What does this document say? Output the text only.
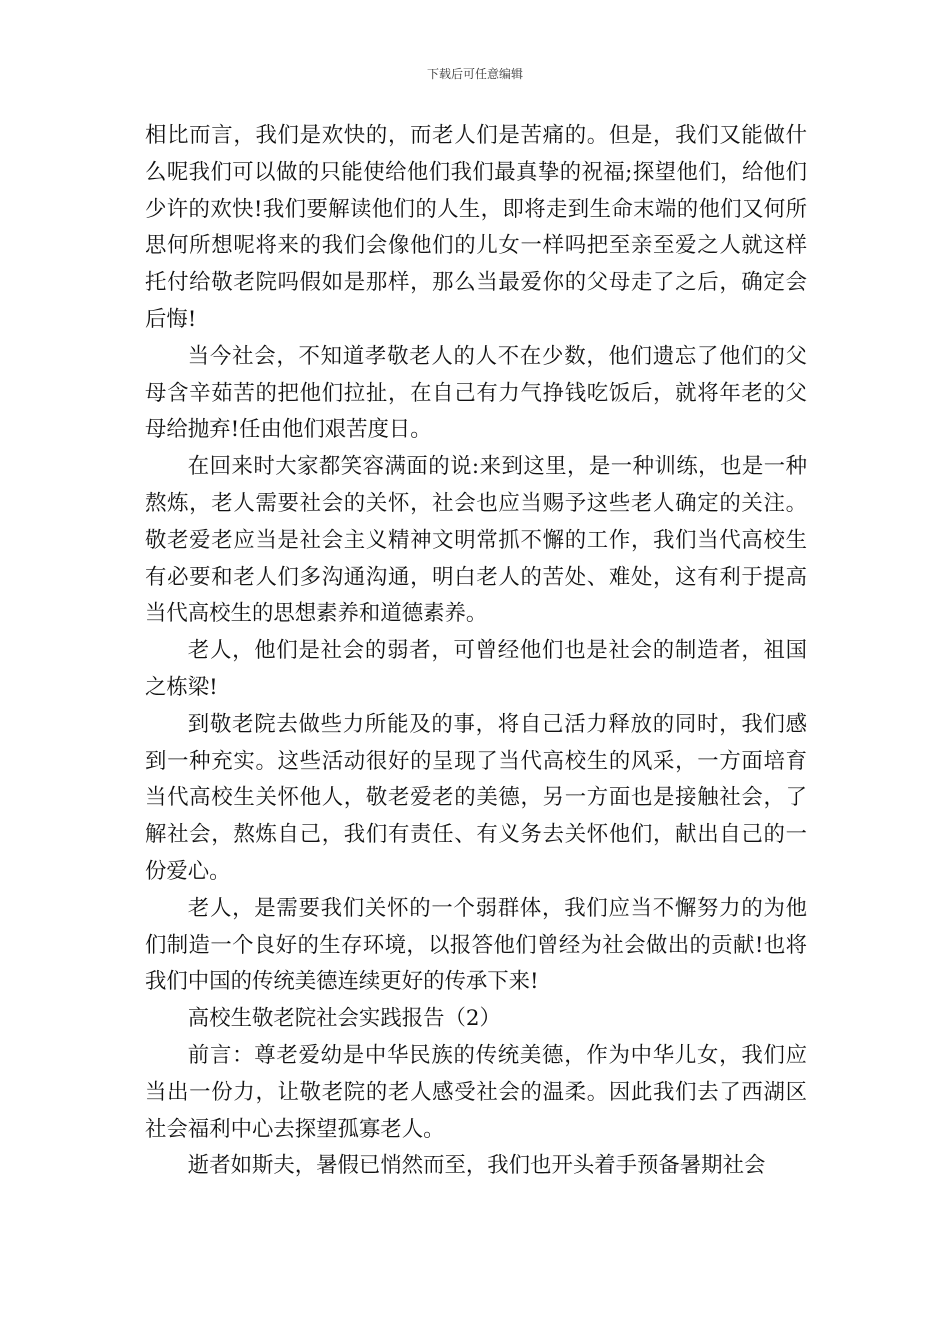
下载后可任意编辑

相比而言，我们是欢快的，而老人们是苦痛的。但是，我们又能做什么呢我们可以做的只能使给他们我们最真挚的祝福;探望他们，给他们少许的欢快!我们要解读他们的人生，即将走到生命末端的他们又何所思何所想呢将来的我们会像他们的儿女一样吗把至亲至爱之人就这样托付给敬老院吗假如是那样，那么当最爱你的父母走了之后，确定会后悔!

当今社会，不知道孝敬老人的人不在少数，他们遗忘了他们的父母含辛茹苦的把他们拉扯，在自己有力气挣钱吃饭后，就将年老的父母给抛弃!任由他们艰苦度日。

在回来时大家都笑容满面的说:来到这里，是一种训练，也是一种熬炼，老人需要社会的关怀，社会也应当赐予这些老人确定的关注。敬老爱老应当是社会主义精神文明常抓不懈的工作，我们当代高校生有必要和老人们多沟通沟通，明白老人的苦处、难处，这有利于提高当代高校生的思想素养和道德素养。

老人，他们是社会的弱者，可曾经他们也是社会的制造者，祖国之栋梁!

到敬老院去做些力所能及的事，将自己活力释放的同时，我们感到一种充实。这些活动很好的呈现了当代高校生的风采，一方面培育当代高校生关怀他人，敬老爱老的美德，另一方面也是接触社会，了解社会，熬炼自己，我们有责任、有义务去关怀他们，献出自己的一份爱心。

老人，是需要我们关怀的一个弱群体，我们应当不懈努力的为他们制造一个良好的生存环境，以报答他们曾经为社会做出的贡献!也将我们中国的传统美德连续更好的传承下来!

高校生敬老院社会实践报告（2）

前言：尊老爱幼是中华民族的传统美德，作为中华儿女，我们应当出一份力，让敬老院的老人感受社会的温柔。因此我们去了西湖区社会福利中心去探望孤寡老人。

逝者如斯夫，暑假已悄然而至，我们也开头着手预备暑期社会
